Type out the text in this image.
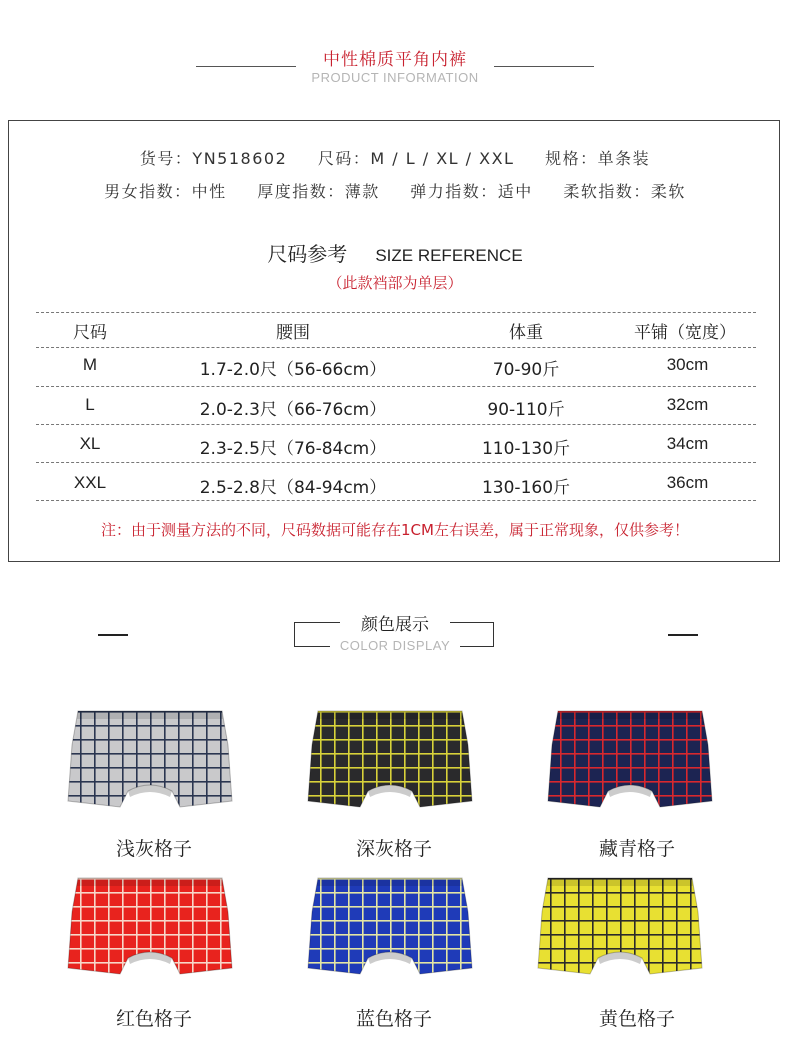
中性棉质平角内裤
PRODUCT INFORMATION
货号：YN518602 尺码：M / L / XL / XXL 规格：单条装
男女指数：中性 厚度指数：薄款 弹力指数：适中 柔软指数：柔软
尺码参考 SIZE REFERENCE
（此款裆部为单层）
尺码	腰围	体重	平铺（宽度）
M	1.7-2.0尺（56-66cm）	70-90斤	30cm
L	2.0-2.3尺（66-76cm）	90-110斤	32cm
XL	2.3-2.5尺（76-84cm）	110-130斤	34cm
XXL	2.5-2.8尺（84-94cm）	130-160斤	36cm
注：由于测量方法的不同，尺码数据可能存在1CM左右误差，属于正常现象，仅供参考！
颜色展示
COLOR DISPLAY
浅灰格子	深灰格子	藏青格子
红色格子	蓝色格子	黄色格子
